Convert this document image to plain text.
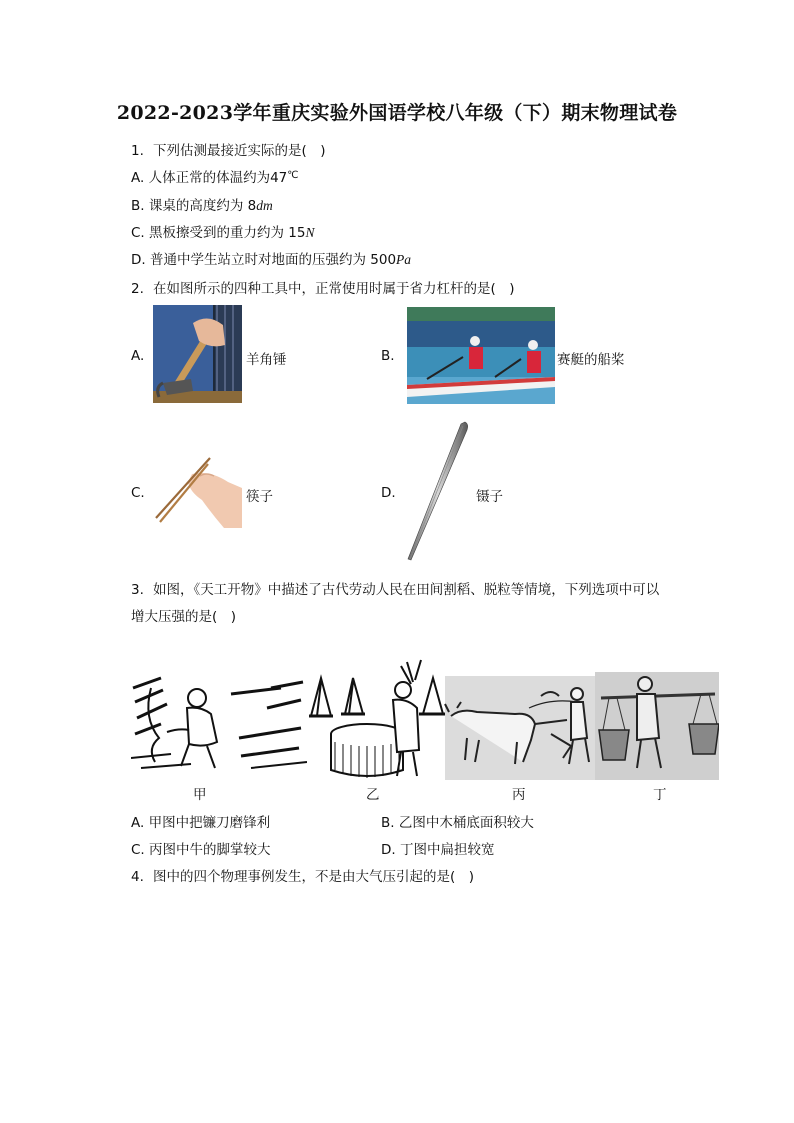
2022-2023学年重庆实验外国语学校八年级（下）期末物理试卷
1. 下列估测最接近实际的是(　)
A. 人体正常的体温约为47℃
B. 课桌的高度约为 8dm
C. 黑板擦受到的重力约为 15N
D. 普通中学生站立时对地面的压强约为 500Pa
2. 在如图所示的四种工具中，正常使用时属于省力杠杆的是(　)
A.	羊角锤	B.	赛艇的船桨
C.	筷子	D.	镊子
3. 如图，《天工开物》中描述了古代劳动人民在田间割稻、脱粒等情境，下列选项中可以
增大压强的是(　)
甲	乙	丙	丁
A. 甲图中把镰刀磨锋利	B. 乙图中木桶底面积较大
C. 丙图中牛的脚掌较大	D. 丁图中扁担较宽
4. 图中的四个物理事例发生，不是由大气压引起的是(　)
